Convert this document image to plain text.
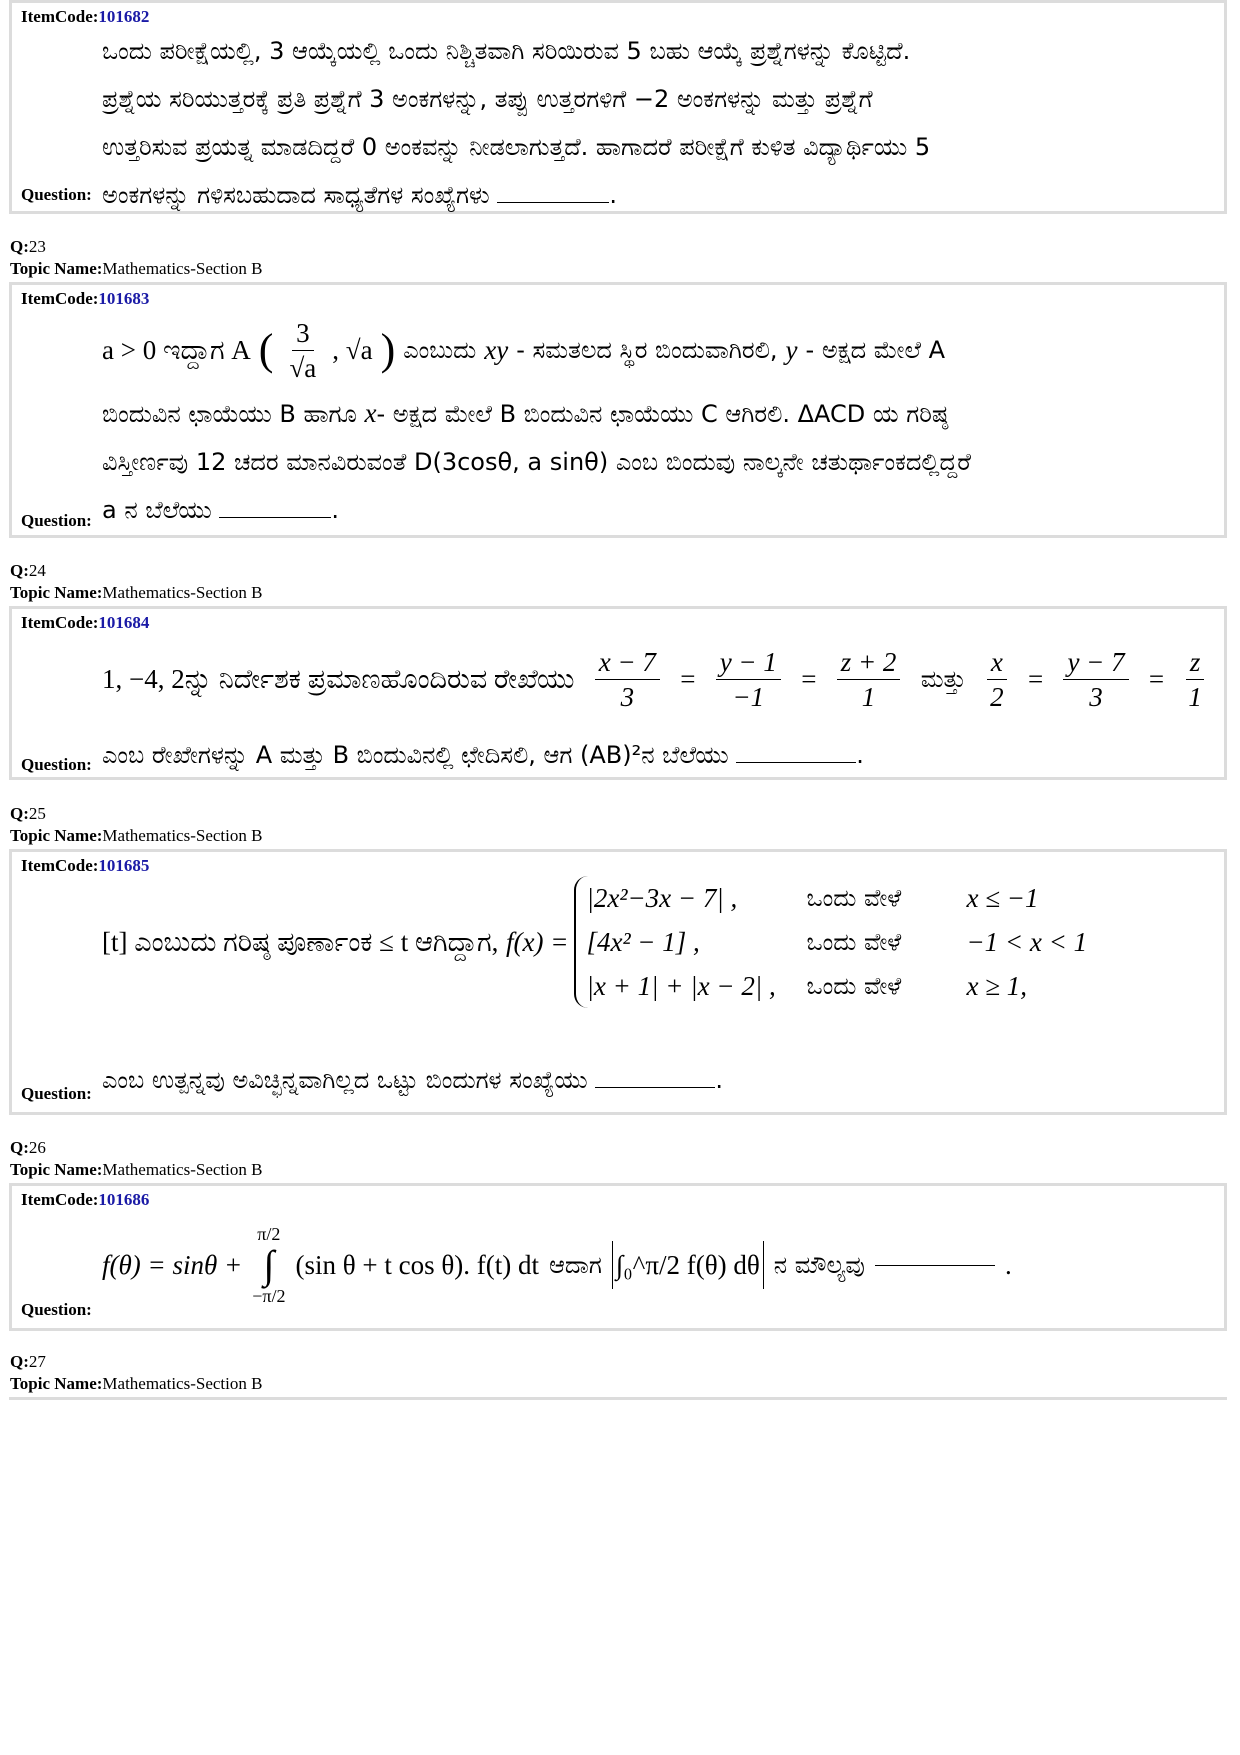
ItemCode:101682
ಒಂದು ಪರೀಕ್ಷೆಯಲ್ಲಿ, 3 ಆಯ್ಕೆಯಲ್ಲಿ ಒಂದು ನಿಶ್ಚಿತವಾಗಿ ಸರಿಯಿರುವ 5 ಬಹು ಆಯ್ಕೆ ಪ್ರಶ್ನೆಗಳನ್ನು ಕೊಟ್ಟಿದೆ.
ಪ್ರಶ್ನೆಯ ಸರಿಯುತ್ತರಕ್ಕೆ ಪ್ರತಿ ಪ್ರಶ್ನೆಗೆ 3 ಅಂಕಗಳನ್ನು, ತಪ್ಪು ಉತ್ತರಗಳಿಗೆ −2 ಅಂಕಗಳನ್ನು ಮತ್ತು ಪ್ರಶ್ನೆಗೆ
ಉತ್ತರಿಸುವ ಪ್ರಯತ್ನ ಮಾಡದಿದ್ದರೆ 0 ಅಂಕವನ್ನು ನೀಡಲಾಗುತ್ತದೆ. ಹಾಗಾದರೆ ಪರೀಕ್ಷೆಗೆ ಕುಳಿತ ವಿದ್ಯಾರ್ಥಿಯು 5
ಅಂಕಗಳನ್ನು ಗಳಿಸಬಹುದಾದ ಸಾಧ್ಯತೆಗಳ ಸಂಖ್ಯೆಗಳು	.
Question:
Q:23
Topic Name:Mathematics-Section B
ItemCode:101683
a > 0 ಇದ್ದಾಗ A ( $\frac{3}{√a}$ , √a ) ಎಂಬುದು xy - ಸಮತಲದ ಸ್ಥಿರ ಬಿಂದುವಾಗಿರಲಿ, y - ಅಕ್ಷದ ಮೇಲೆ A
ಬಿಂದುವಿನ ಛಾಯೆಯು B ಹಾಗೂ x- ಅಕ್ಷದ ಮೇಲೆ B ಬಿಂದುವಿನ ಛಾಯೆಯು C ಆಗಿರಲಿ. ΔACD ಯ ಗರಿಷ್ಠ
ವಿಸ್ತೀರ್ಣವು 12 ಚದರ ಮಾನವಿರುವಂತೆ D(3cosθ, a sinθ) ಎಂಬ ಬಿಂದುವು ನಾಲ್ಕನೇ ಚತುರ್ಥಾಂಕದಲ್ಲಿದ್ದರೆ
a ನ ಬೆಲೆಯು	.
Question:
Q:24
Topic Name:Mathematics-Section B
ItemCode:101684
1, −4, 2ನ್ನು ನಿರ್ದೇಶಕ ಪ್ರಮಾಣಹೊಂದಿರುವ ರೇಖೆಯು $\frac{x - 7}{3} = \frac{y - 1}{-1} = \frac{z + 2}{1}$ ಮತ್ತು $\frac{x}{2} = \frac{y - 7}{3} = \frac{z}{1}$
ಎಂಬ ರೇಖೇಗಳನ್ನು A ಮತ್ತು B ಬಿಂದುವಿನಲ್ಲಿ ಛೇದಿಸಲಿ, ಆಗ (AB)²ನ ಬೆಲೆಯು	.
Question:
Q:25
Topic Name:Mathematics-Section B
ItemCode:101685
[t] ಎಂಬುದು ಗರಿಷ್ಠ ಪೂರ್ಣಾಂಕ ≤ t ಆಗಿದ್ದಾಗ,
f(x) =
|2x²−3x − 7| ,	ಒಂದು ವೇಳೆ	x ≤ −1
[4x² − 1] ,	ಒಂದು ವೇಳೆ	−1 < x < 1
|x + 1| + |x − 2| ,	ಒಂದು ವೇಳೆ	x ≥ 1,
ಎಂಬ ಉತ್ಪನ್ನವು ಅವಿಚ್ಛಿನ್ನವಾಗಿಲ್ಲದ ಒಟ್ಟು ಬಿಂದುಗಳ ಸಂಖ್ಯೆಯು	.
Question:
Q:26
Topic Name:Mathematics-Section B
ItemCode:101686
f(θ) = sinθ +
π/2
∫
−π/2
(sin θ + t cos θ). f(t) dt ಆದಾಗ ∫₀^π/2 f(θ) dθ ನ ಮೌಲ್ಯವು	.
Question:
Q:27
Topic Name:Mathematics-Section B
